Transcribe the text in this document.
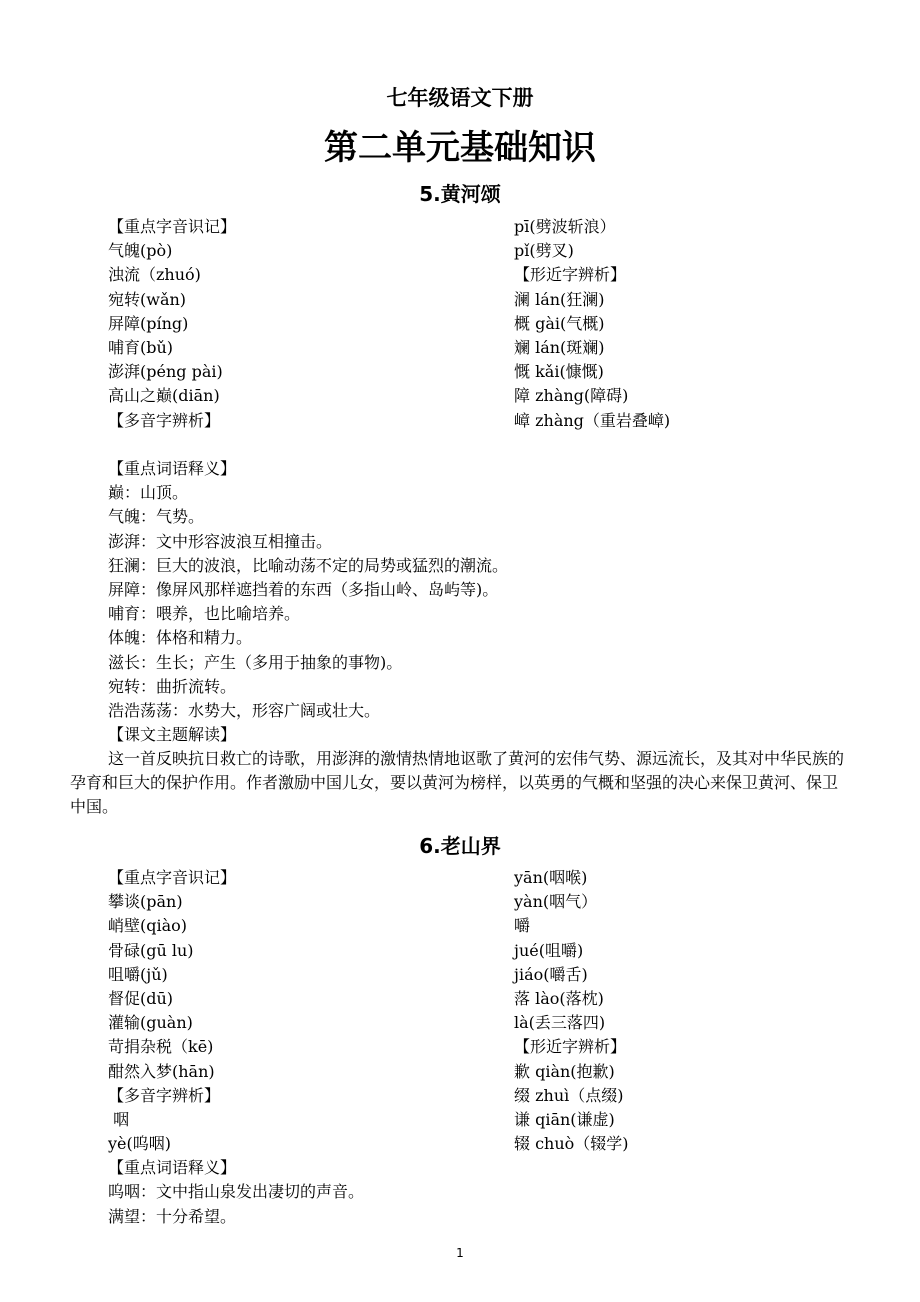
七年级语文下册
第二单元基础知识
5.黄河颂
【重点字音识记】
气魄(pò)
浊流（zhuó)
宛转(wǎn)
屏障(píng)
哺育(bǔ)
澎湃(péng pài)
高山之巅(diān)
【多音字辨析】
pī(劈波斩浪）
pǐ(劈叉)
【形近字辨析】
澜 lán(狂澜)
概 gài(气概)
斓 lán(斑斓)
慨 kǎi(慷慨)
障 zhàng(障碍)
嶂 zhàng（重岩叠嶂)
【重点词语释义】
巅：山顶。
气魄：气势。
澎湃：文中形容波浪互相撞击。
狂澜：巨大的波浪，比喻动荡不定的局势或猛烈的潮流。
屏障：像屏风那样遮挡着的东西（多指山岭、岛屿等)。
哺育：喂养，也比喻培养。
体魄：体格和精力。
滋长：生长；产生（多用于抽象的事物)。
宛转：曲折流转。
浩浩荡荡：水势大，形容广阔或壮大。
【课文主题解读】
这一首反映抗日救亡的诗歌，用澎湃的激情热情地讴歌了黄河的宏伟气势、源远流长，及其对中华民族的孕育和巨大的保护作用。作者激励中国儿女，要以黄河为榜样，以英勇的气概和坚强的决心来保卫黄河、保卫中国。
6.老山界
【重点字音识记】
攀谈(pān)
峭壁(qiào)
骨碌(gū lu)
咀嚼(jǔ)
督促(dū)
灌输(guàn)
苛捐杂税（kē)
酣然入梦(hān)
【多音字辨析】
咽
yè(呜咽)
【重点词语释义】
呜咽：文中指山泉发出凄切的声音。
满望：十分希望。
yān(咽喉)
yàn(咽气）
嚼
jué(咀嚼)
jiáo(嚼舌)
落 lào(落枕)
là(丢三落四)
【形近字辨析】
歉 qiàn(抱歉)
缀 zhuì（点缀)
谦 qiān(谦虚)
辍 chuò（辍学)
1
